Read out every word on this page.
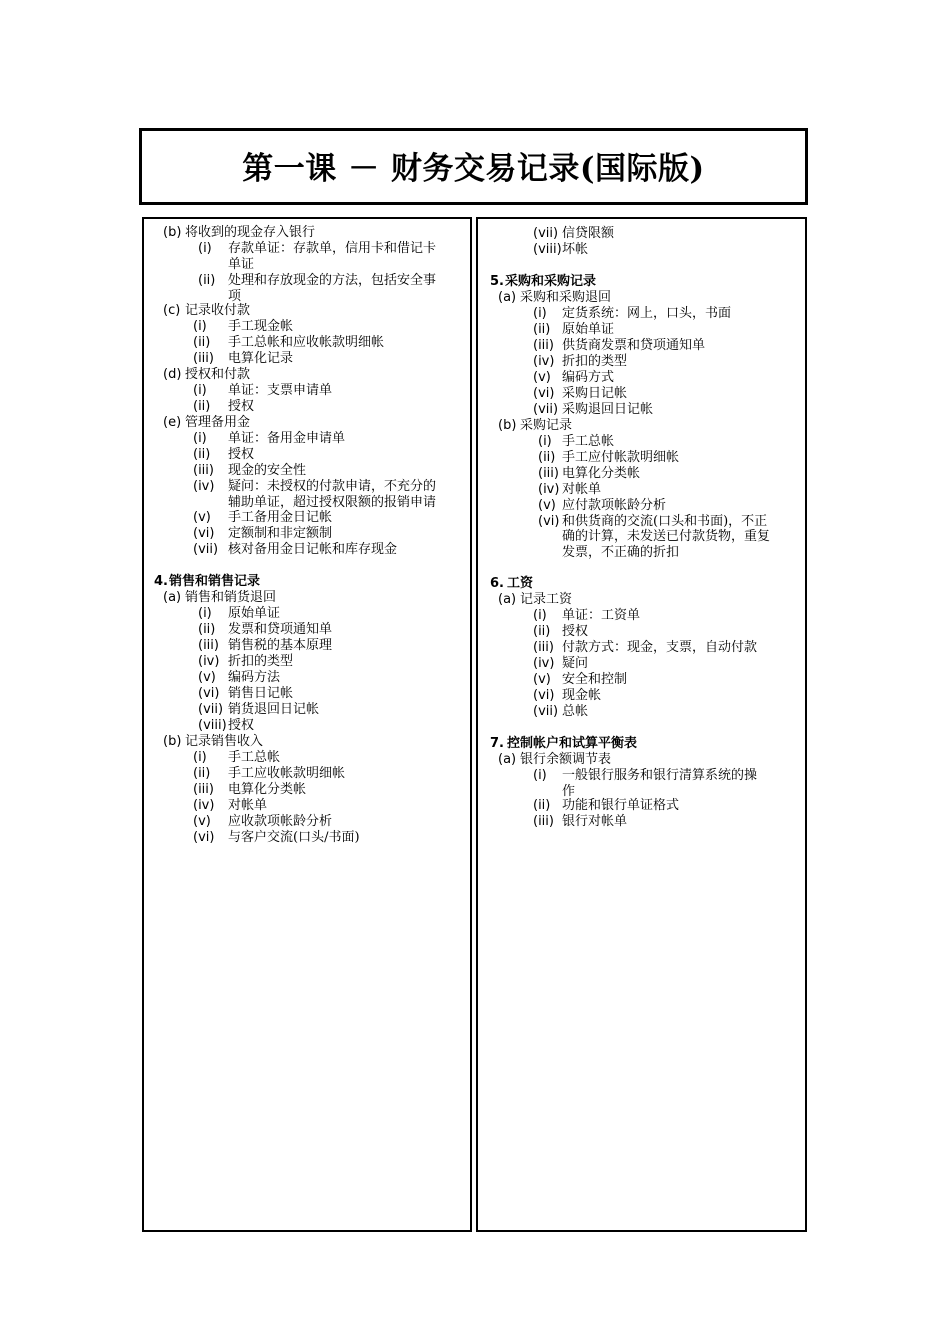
第一课 － 财务交易记录(国际版)
(b) 将收到的现金存入银行
(i) 存款单证：存款单，信用卡和借记卡
单证
(ii) 处理和存放现金的方法，包括安全事
项
(c) 记录收付款
(i) 手工现金帐
(ii) 手工总帐和应收帐款明细帐
(iii) 电算化记录
(d) 授权和付款
(i) 单证：支票申请单
(ii) 授权
(e) 管理备用金
(i) 单证：备用金申请单
(ii) 授权
(iii) 现金的安全性
(iv) 疑问：未授权的付款申请，不充分的
辅助单证，超过授权限额的报销申请
(v) 手工备用金日记帐
(vi) 定额制和非定额制
(vii) 核对备用金日记帐和库存现金
4. 销售和销售记录
(a) 销售和销货退回
(i) 原始单证
(ii) 发票和贷项通知单
(iii) 销售税的基本原理
(iv) 折扣的类型
(v) 编码方法
(vi) 销售日记帐
(vii) 销货退回日记帐
(viii) 授权
(b) 记录销售收入
(i) 手工总帐
(ii) 手工应收帐款明细帐
(iii) 电算化分类帐
(iv) 对帐单
(v) 应收款项帐龄分析
(vi) 与客户交流(口头/书面)
(vii) 信贷限额
(viii) 坏帐
5. 采购和采购记录
(a) 采购和采购退回
(i) 定货系统：网上，口头，书面
(ii) 原始单证
(iii) 供货商发票和贷项通知单
(iv) 折扣的类型
(v) 编码方式
(vi) 采购日记帐
(vii) 采购退回日记帐
(b) 采购记录
(i) 手工总帐
(ii) 手工应付帐款明细帐
(iii) 电算化分类帐
(iv) 对帐单
(v) 应付款项帐龄分析
(vi) 和供货商的交流(口头和书面)，不正
确的计算，未发送已付款货物，重复
发票，不正确的折扣
6. 工资
(a) 记录工资
(i) 单证：工资单
(ii) 授权
(iii) 付款方式：现金，支票，自动付款
(iv) 疑问
(v) 安全和控制
(vi) 现金帐
(vii) 总帐
7. 控制帐户和试算平衡表
(a) 银行余额调节表
(i) 一般银行服务和银行清算系统的操
作
(ii) 功能和银行单证格式
(iii) 银行对帐单
